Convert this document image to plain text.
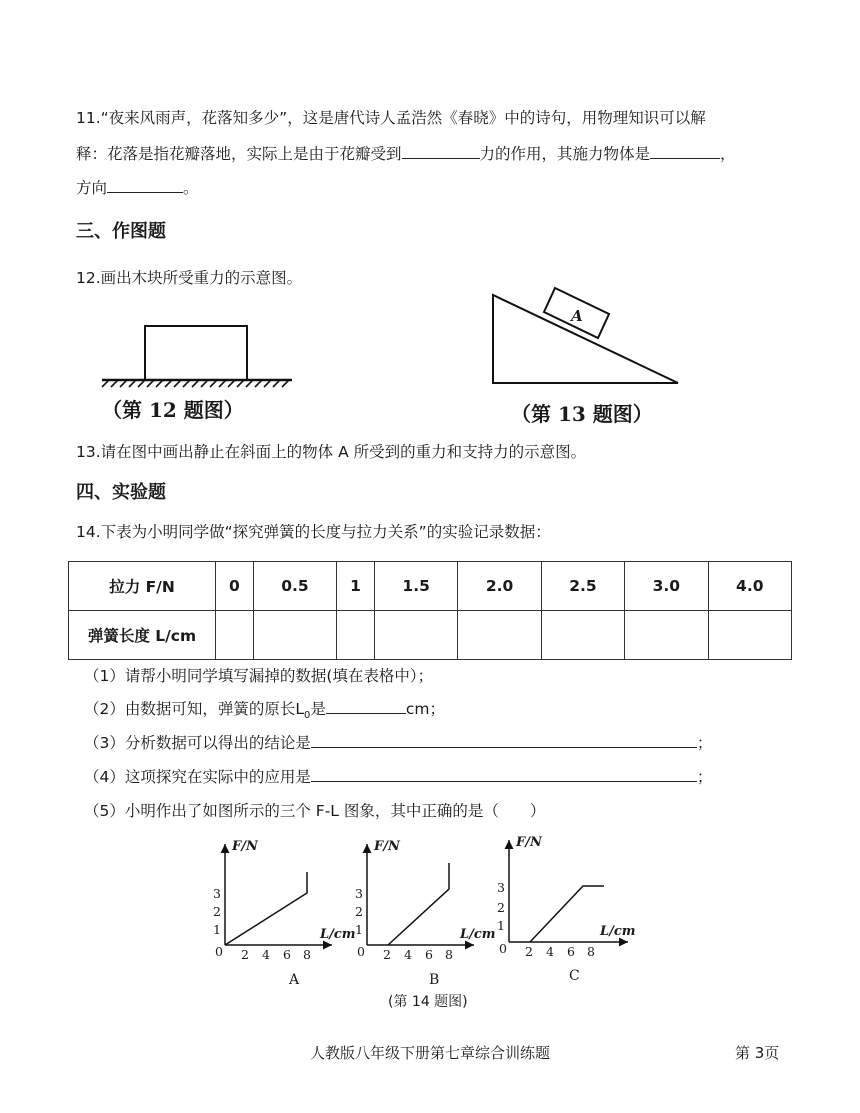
11.“夜来风雨声，花落知多少”，这是唐代诗人孟浩然《春晓》中的诗句，用物理知识可以解
释：花落是指花瓣落地，实际上是由于花瓣受到	力的作用，其施力物体是	，
方向	。
三、作图题
12.画出木块所受重力的示意图。
（第 12 题图）
A
（第 13 题图）
13.请在图中画出静止在斜面上的物体 A 所受到的重力和支持力的示意图。
四、实验题
14.下表为小明同学做“探究弹簧的长度与拉力关系”的实验记录数据：
拉力 F/N	0	0.5	1	1.5	2.0	2.5	3.0	4.0
弹簧长度 L/cm								
（1）请帮小明同学填写漏掉的数据(填在表格中）；
（2）由数据可知，弹簧的原长$L_0$是	cm；
（3）分析数据可以得出的结论是	；
（4）这项探究在实际中的应用是	；
（5）小明作出了如图所示的三个 F-L 图象，其中正确的是（　　）
F/N
L/cm
0
1
2
3
2 4 6 8
A
F/N
L/cm
0
1
2
3
2 4 6 8
B
F/N
L/cm
0
1
2
3
2 4 6 8
C
(第 14 题图)
人教版八年级下册第七章综合训练题	第 3页
